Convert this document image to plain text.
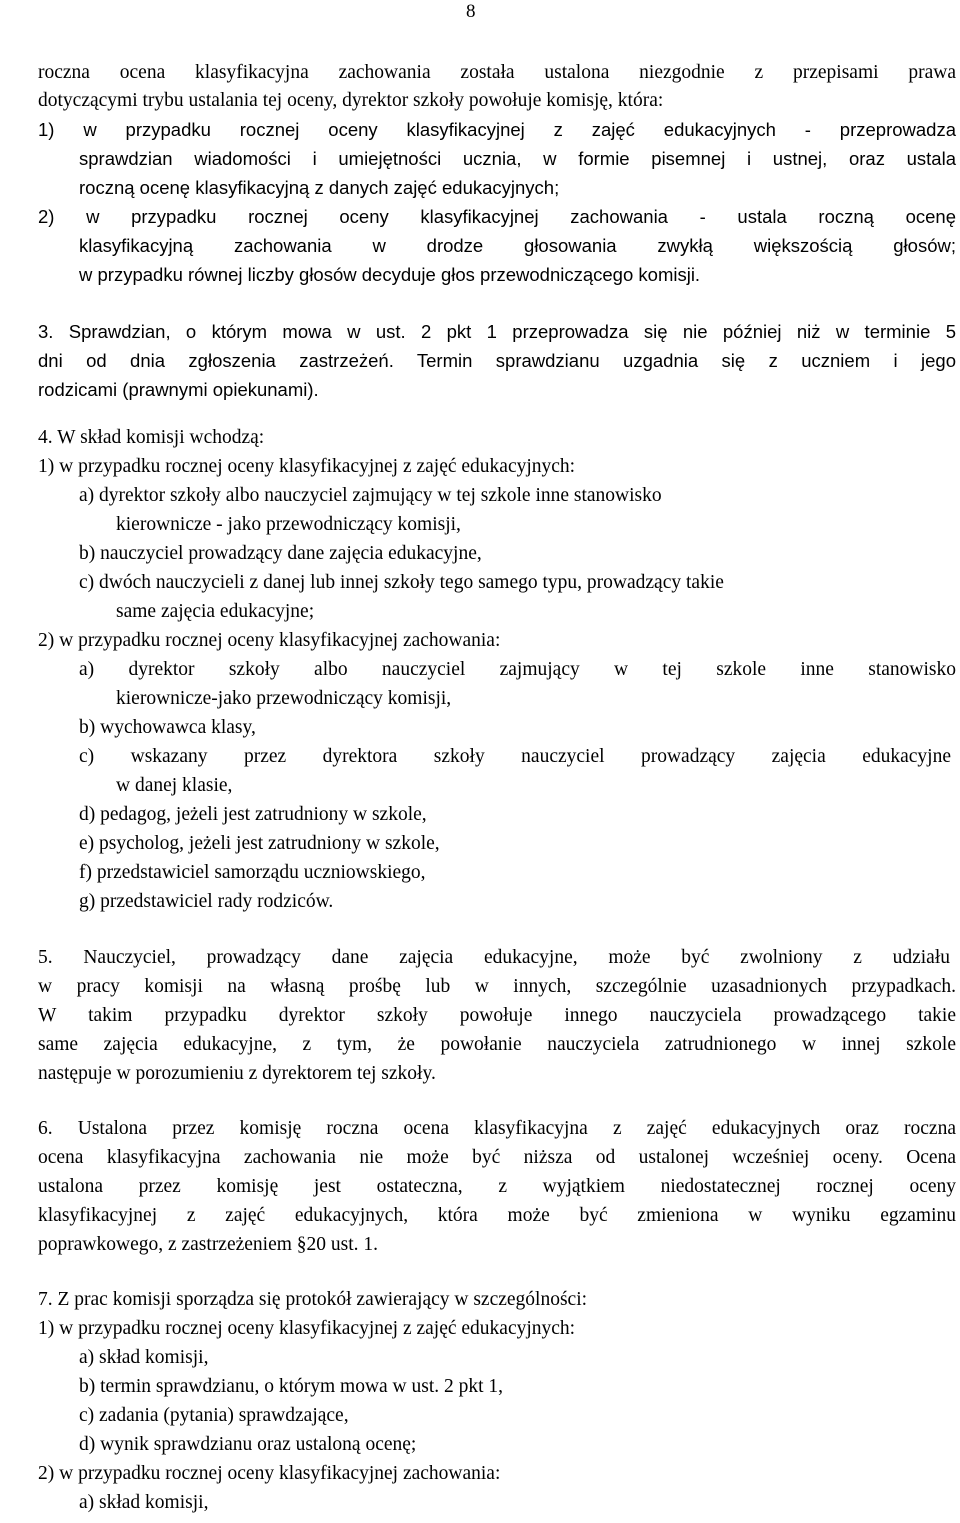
8

roczna ocena klasyfikacyjna zachowania została ustalona niezgodnie z przepisami prawa

dotyczącymi trybu ustalania tej oceny, dyrektor szkoły powołuje komisję, która:

1) w przypadku rocznej oceny klasyfikacyjnej z zajęć edukacyjnych - przeprowadza

sprawdzian wiadomości i umiejętności ucznia, w formie pisemnej i ustnej, oraz ustala

roczną ocenę klasyfikacyjną z danych zajęć edukacyjnych;

2) w przypadku rocznej oceny klasyfikacyjnej zachowania - ustala roczną ocenę

klasyfikacyjną zachowania w drodze głosowania zwykłą większością głosów;

w przypadku równej liczby głosów decyduje głos przewodniczącego komisji.

3. Sprawdzian, o którym mowa w ust. 2 pkt 1 przeprowadza się nie później niż w terminie 5

dni od dnia zgłoszenia zastrzeżeń. Termin sprawdzianu uzgadnia się z uczniem i jego

rodzicami (prawnymi opiekunami).

4. W skład komisji wchodzą:

1) w przypadku rocznej oceny klasyfikacyjnej z zajęć edukacyjnych:

a) dyrektor szkoły albo nauczyciel zajmujący w tej szkole inne stanowisko

kierownicze - jako przewodniczący komisji,

b) nauczyciel prowadzący dane zajęcia edukacyjne,

c) dwóch nauczycieli z danej lub innej szkoły tego samego typu, prowadzący takie

same zajęcia edukacyjne;

2) w przypadku rocznej oceny klasyfikacyjnej zachowania:

a) dyrektor szkoły albo nauczyciel zajmujący w tej szkole inne stanowisko

kierownicze-jako przewodniczący komisji,

b) wychowawca klasy,

c) wskazany przez dyrektora szkoły nauczyciel prowadzący zajęcia edukacyjne

w danej klasie,

d) pedagog, jeżeli jest zatrudniony w szkole,

e) psycholog, jeżeli jest zatrudniony w szkole,

f) przedstawiciel samorządu uczniowskiego,

g) przedstawiciel rady rodziców.

5. Nauczyciel, prowadzący dane zajęcia edukacyjne, może być zwolniony z udziału

w pracy komisji na własną prośbę lub w innych, szczególnie uzasadnionych przypadkach.

W takim przypadku dyrektor szkoły powołuje innego nauczyciela prowadzącego takie

same zajęcia edukacyjne, z tym, że powołanie nauczyciela zatrudnionego w innej szkole

następuje w porozumieniu z dyrektorem tej szkoły.

6. Ustalona przez komisję roczna ocena klasyfikacyjna z zajęć edukacyjnych oraz roczna

ocena klasyfikacyjna zachowania nie może być niższa od ustalonej wcześniej oceny. Ocena

ustalona przez komisję jest ostateczna, z wyjątkiem niedostatecznej rocznej oceny

klasyfikacyjnej z zajęć edukacyjnych, która może być zmieniona w wyniku egzaminu

poprawkowego, z zastrzeżeniem §20 ust. 1.

7. Z prac komisji sporządza się protokół zawierający w szczególności:

1) w przypadku rocznej oceny klasyfikacyjnej z zajęć edukacyjnych:

a) skład komisji,

b) termin sprawdzianu, o którym mowa w ust. 2 pkt 1,

c) zadania (pytania) sprawdzające,

d) wynik sprawdzianu oraz ustaloną ocenę;

2) w przypadku rocznej oceny klasyfikacyjnej zachowania:

a) skład komisji,
